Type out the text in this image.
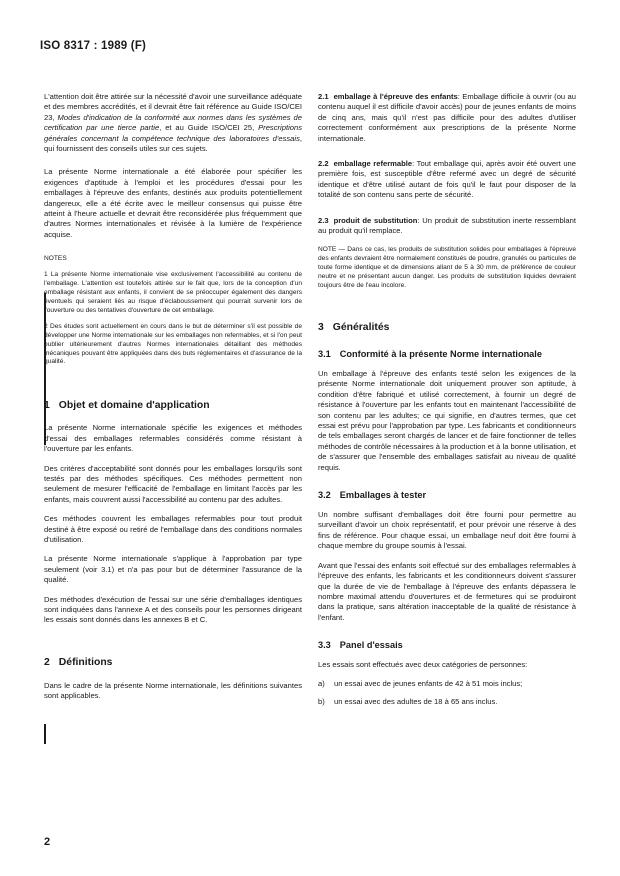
ISO 8317 : 1989 (F)

L'attention doit être attirée sur la nécessité d'avoir une surveillance adéquate et des membres accrédités, et il devrait être fait référence au Guide ISO/CEI 23, Modes d'indication de la conformité aux normes dans les systèmes de certification par une tierce partie, et au Guide ISO/CEI 25, Prescriptions générales concernant la compétence technique des laboratoires d'essais, qui fournissent des conseils utiles sur ces sujets.

La présente Norme internationale a été élaborée pour spécifier les exigences d'aptitude à l'emploi et les procédures d'essai pour les emballages à l'épreuve des enfants, destinés aux produits potentiellement dangereux, elle a été écrite avec le meilleur consensus qui puisse être atteint à l'heure actuelle et devrait être reconsidérée plus fréquemment que d'autres Normes internationales et révisée à la lumière de l'expérience acquise.

NOTES
1 La présente Norme internationale vise exclusivement l'accessibilité au contenu de l'emballage. L'attention est toutefois attirée sur le fait que, lors de la conception d'un emballage résistant aux enfants, il convient de se préoccuper également des dangers éventuels qui seraient liés au risque d'éclaboussement qui pourrait survenir lors de l'ouverture ou des tentatives d'ouverture de cet emballage.
2 Des études sont actuellement en cours dans le but de déterminer s'il est possible de développer une Norme internationale sur les emballages non refermables, et si l'on peut publier ultérieurement d'autres Normes internationales détaillant des méthodes mécaniques pouvant être appliquées dans des buts réglementaires et d'assurance de la qualité.
1 Objet et domaine d'application

La présente Norme internationale spécifie les exigences et méthodes d'essai des emballages refermables considérés comme résistant à l'ouverture par les enfants.

Des critères d'acceptabilité sont donnés pour les emballages lorsqu'ils sont testés par des méthodes spécifiques. Ces méthodes permettent non seulement de mesurer l'efficacité de l'emballage en limitant l'accès par les enfants, mais couvrent aussi l'accessibilité au contenu par des adultes.

Ces méthodes couvrent les emballages refermables pour tout produit destiné à être exposé ou retiré de l'emballage dans des conditions normales d'utilisation.

La présente Norme internationale s'applique à l'approbation par type seulement (voir 3.1) et n'a pas pour but de déterminer l'assurance de la qualité.

Des méthodes d'exécution de l'essai sur une série d'emballages identiques sont indiquées dans l'annexe A et des conseils pour les personnes dirigeant les essais sont donnés dans les annexes B et C.

2 Définitions

Dans le cadre de la présente Norme internationale, les définitions suivantes sont applicables.

2.1 emballage à l'épreuve des enfants: Emballage difficile à ouvrir (ou au contenu auquel il est difficile d'avoir accès) pour de jeunes enfants de moins de cinq ans, mais qu'il n'est pas difficile pour des adultes d'utiliser correctement conformément aux prescriptions de la présente Norme internationale.

2.2 emballage refermable: Tout emballage qui, après avoir été ouvert une première fois, est susceptible d'être refermé avec un degré de sécurité identique et d'être utilisé autant de fois qu'il le faut pour disposer de la totalité de son contenu sans perte de sécurité.

2.3 produit de substitution: Un produit de substitution inerte ressemblant au produit qu'il remplace.

NOTE — Dans ce cas, les produits de substitution solides pour emballages à l'épreuve des enfants devraient être normalement constitués de poudre, granulés ou particules de toute forme identique et de dimensions allant de 5 à 30 mm, de préférence de couleur neutre et ne présentant aucun danger. Les produits de substitution liquides devraient toujours être de l'eau incolore.
3 Généralités
3.1 Conformité à la présente Norme internationale

Un emballage à l'épreuve des enfants testé selon les exigences de la présente Norme internationale doit uniquement prouver son aptitude, à condition d'être fabriqué et utilisé correctement, à fournir un degré de résistance à l'ouverture par les enfants tout en maintenant l'accessibilité de son contenu par les adultes; ce qui signifie, en d'autres termes, que cet essai est prévu pour l'approbation par type. Les fabricants et conditionneurs de tels emballages seront chargés de lancer et de faire fonctionner de telles méthodes de contrôle nécessaires à la production et à la bonne utilisation, et de s'assurer que l'ensemble des emballages satisfait au niveau de qualité requis.

3.2 Emballages à tester

Un nombre suffisant d'emballages doit être fourni pour permettre au surveillant d'avoir un choix représentatif, et pour prévoir une réserve à des fins de référence. Pour chaque essai, un emballage neuf doit être fourni à chaque membre du groupe soumis à l'essai.

Avant que l'essai des enfants soit effectué sur des emballages refermables à l'épreuve des enfants, les fabricants et les conditionneurs doivent s'assurer que la durée de vie de l'emballage à l'épreuve des enfants dépassera le nombre maximal attendu d'ouvertures et de fermetures qui se produiront dans la pratique, sans altération inacceptable de la qualité de résistance à l'enfant.

3.3 Panel d'essais

Les essais sont effectués avec deux catégories de personnes:

a)	un essai avec de jeunes enfants de 42 à 51 mois inclus;

b)	un essai avec des adultes de 18 à 65 ans inclus.

2
